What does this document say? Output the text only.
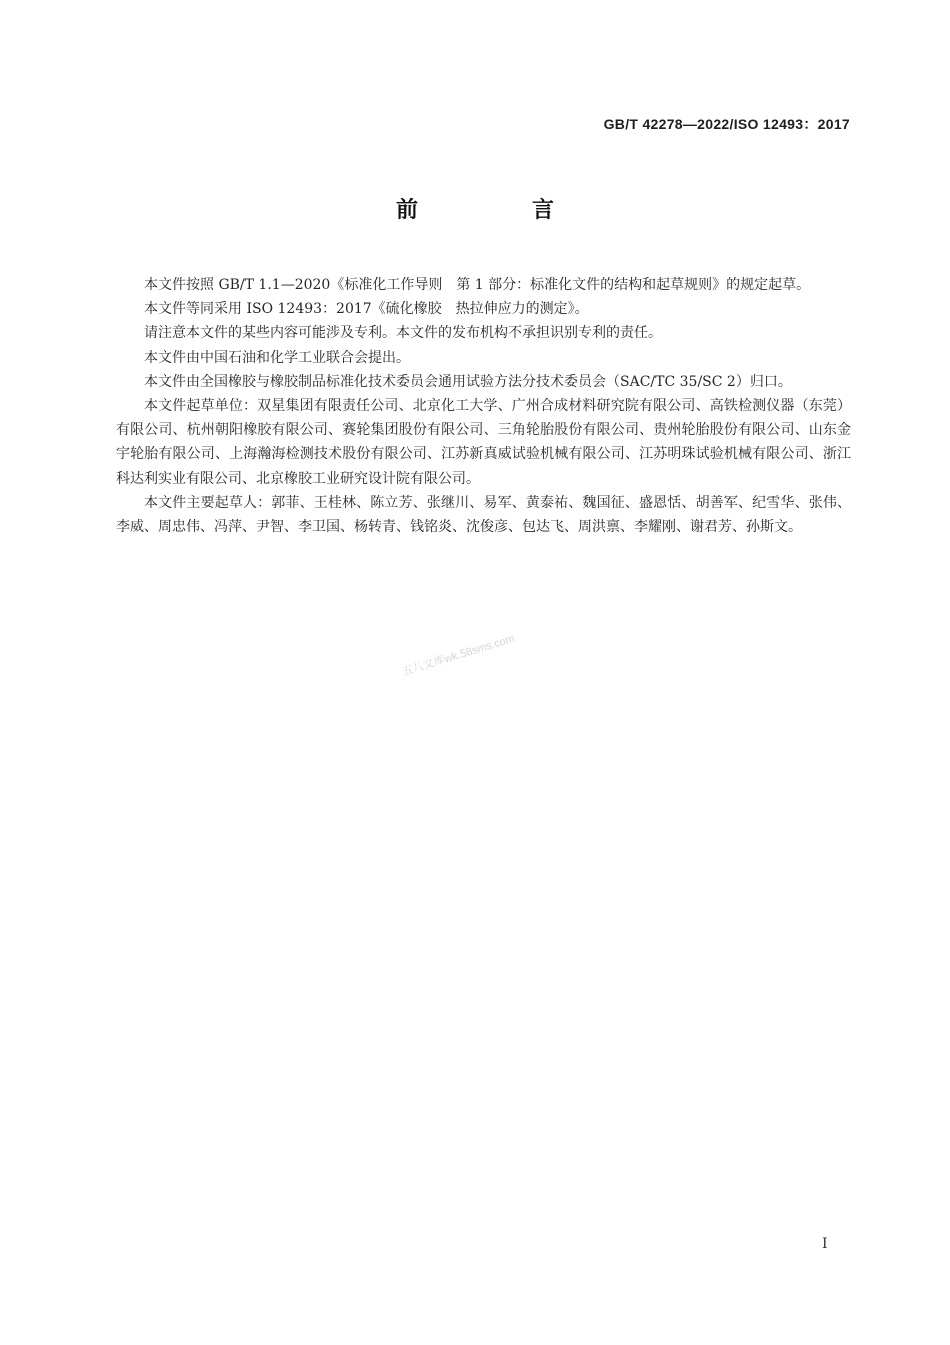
GB/T 42278—2022/ISO 12493：2017
前　言

本文件按照 GB/T 1.1—2020《标准化工作导则　第 1 部分：标准化文件的结构和起草规则》的规定起草。

本文件等同采用 ISO 12493：2017《硫化橡胶　热拉伸应力的测定》。

请注意本文件的某些内容可能涉及专利。本文件的发布机构不承担识别专利的责任。

本文件由中国石油和化学工业联合会提出。

本文件由全国橡胶与橡胶制品标准化技术委员会通用试验方法分技术委员会（SAC/TC 35/SC 2）归口。

本文件起草单位：双星集团有限责任公司、北京化工大学、广州合成材料研究院有限公司、高铁检测仪器（东莞）有限公司、杭州朝阳橡胶有限公司、赛轮集团股份有限公司、三角轮胎股份有限公司、贵州轮胎股份有限公司、山东金宇轮胎有限公司、上海瀚海检测技术股份有限公司、江苏新真威试验机械有限公司、江苏明珠试验机械有限公司、浙江科达利实业有限公司、北京橡胶工业研究设计院有限公司。

本文件主要起草人：郭菲、王桂林、陈立芳、张继川、易军、黄泰祐、魏国征、盛恩恬、胡善军、纪雪华、张伟、李威、周忠伟、冯萍、尹智、李卫国、杨转青、钱铭炎、沈俊彦、包达飞、周洪禀、李耀刚、谢君芳、孙斯文。

五八文库wk.58sms.com
I
